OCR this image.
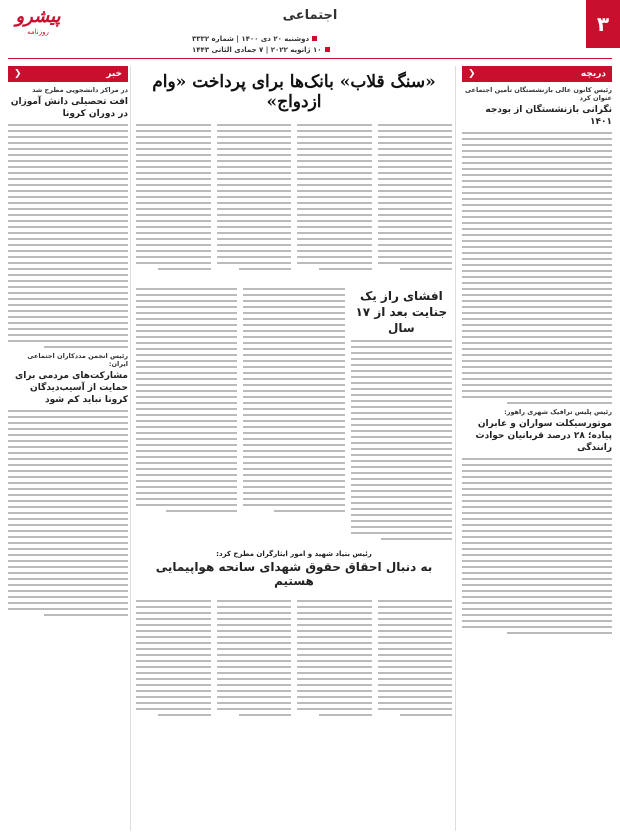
۳
اجتماعی
دوشنبه ۲۰ دی ۱۴۰۰ | شماره ۳۳۳۲
۱۰ ژانویه ۲۰۲۲ | ۷ جمادی الثانی ۱۴۴۳
پیشرو
روزنامه
دریچه
❮
رئیس کانون عالی بازنشستگان تأمین اجتماعی عنوان کرد
نگرانی بازنشستگان از بودجه ۱۴۰۱
رئیس پلیس ترافیک شهری راهور:
موتورسیکلت سواران و عابران پیاده؛ ۲۸ درصد قربانیان حوادث رانندگی
«سنگ قلاب» بانک‌ها برای پرداخت «وام ازدواج»
افشای راز یک جنایت بعد از ۱۷ سال
رئیس بنیاد شهید و امور ایثارگران مطرح کرد:
به دنبال احقاق حقوق شهدای سانحه هواپیمایی هستیم
خبر
❮
در مراکز دانشجویی مطرح شد
افت تحصیلی دانش آموزان در دوران کرونا
رئیس انجمن مددکاران اجتماعی ایران:
مشارکت‌های مردمی برای حمایت از آسیب‌دیدگان کرونا نباید کم شود
